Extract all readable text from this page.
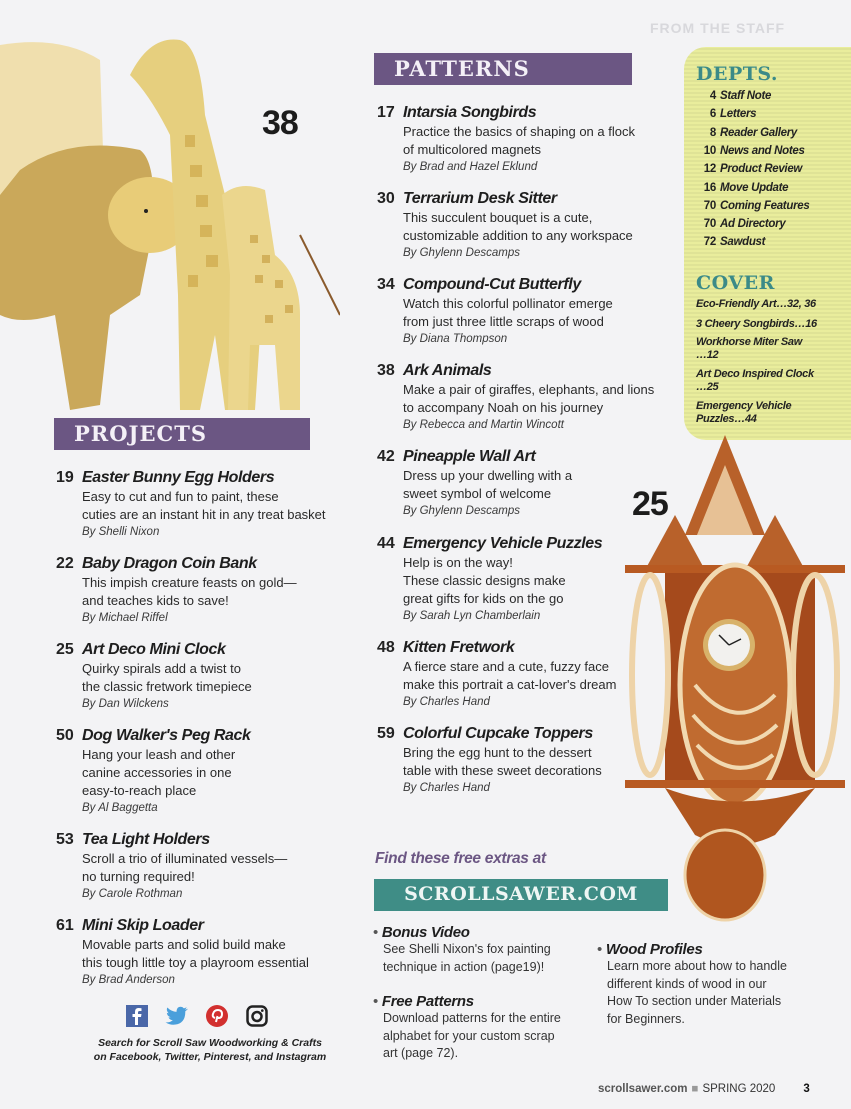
FROM THE STAFF
38
PROJECTS
19 Easter Bunny Egg Holders
Easy to cut and fun to paint, these
cuties are an instant hit in any treat basket
By Shelli Nixon
22 Baby Dragon Coin Bank
This impish creature feasts on gold—
and teaches kids to save!
By Michael Riffel
25 Art Deco Mini Clock
Quirky spirals add a twist to
the classic fretwork timepiece
By Dan Wilckens
50 Dog Walker's Peg Rack
Hang your leash and other
canine accessories in one
easy-to-reach place
By Al Baggetta
53 Tea Light Holders
Scroll a trio of illuminated vessels—
no turning required!
By Carole Rothman
61 Mini Skip Loader
Movable parts and solid build make
this tough little toy a playroom essential
By Brad Anderson
PATTERNS
17 Intarsia Songbirds
Practice the basics of shaping on a flock
of multicolored magnets
By Brad and Hazel Eklund
30 Terrarium Desk Sitter
This succulent bouquet is a cute,
customizable addition to any workspace
By Ghylenn Descamps
34 Compound-Cut Butterfly
Watch this colorful pollinator emerge
from just three little scraps of wood
By Diana Thompson
38 Ark Animals
Make a pair of giraffes, elephants, and lions
to accompany Noah on his journey
By Rebecca and Martin Wincott
42 Pineapple Wall Art
Dress up your dwelling with a
sweet symbol of welcome
By Ghylenn Descamps
44 Emergency Vehicle Puzzles
Help is on the way!
These classic designs make
great gifts for kids on the go
By Sarah Lyn Chamberlain
48 Kitten Fretwork
A fierce stare and a cute, fuzzy face
make this portrait a cat-lover's dream
By Charles Hand
59 Colorful Cupcake Toppers
Bring the egg hunt to the dessert
table with these sweet decorations
By Charles Hand
DEPTS.
4 Staff Note
6 Letters
8 Reader Gallery
10 News and Notes
12 Product Review
16 Move Update
70 Coming Features
70 Ad Directory
72 Sawdust
COVER
Eco-Friendly Art…32, 36
3 Cheery Songbirds…16
Workhorse Miter Saw
…12
Art Deco Inspired Clock
…25
Emergency Vehicle
Puzzles…44
25
Find these free extras at
SCROLLSAWER.COM
• Bonus Video
See Shelli Nixon's fox painting
technique in action (page19)!
• Free Patterns
Download patterns for the entire
alphabet for your custom scrap
art (page 72).
• Wood Profiles
Learn more about how to handle
different kinds of wood in our
How To section under Materials
for Beginners.
Search for Scroll Saw Woodworking & Crafts
on Facebook, Twitter, Pinterest, and Instagram
scrollsawer.com ■ SPRING 2020 3
